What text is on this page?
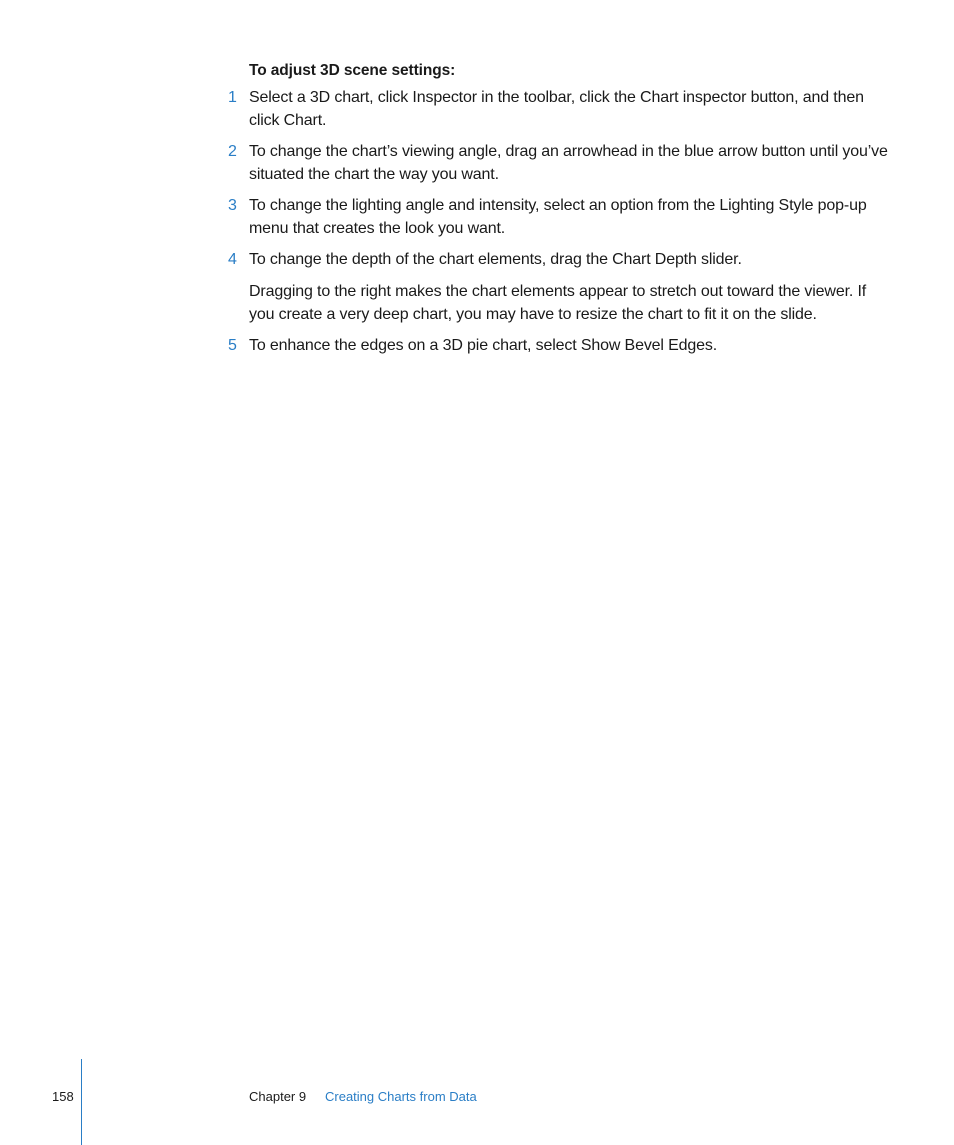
To adjust 3D scene settings:
1 Select a 3D chart, click Inspector in the toolbar, click the Chart inspector button, and then click Chart.
2 To change the chart’s viewing angle, drag an arrowhead in the blue arrow button until you’ve situated the chart the way you want.
3 To change the lighting angle and intensity, select an option from the Lighting Style pop-up menu that creates the look you want.
4 To change the depth of the chart elements, drag the Chart Depth slider.
Dragging to the right makes the chart elements appear to stretch out toward the viewer. If you create a very deep chart, you may have to resize the chart to fit it on the slide.
5 To enhance the edges on a 3D pie chart, select Show Bevel Edges.
158	Chapter 9 Creating Charts from Data
